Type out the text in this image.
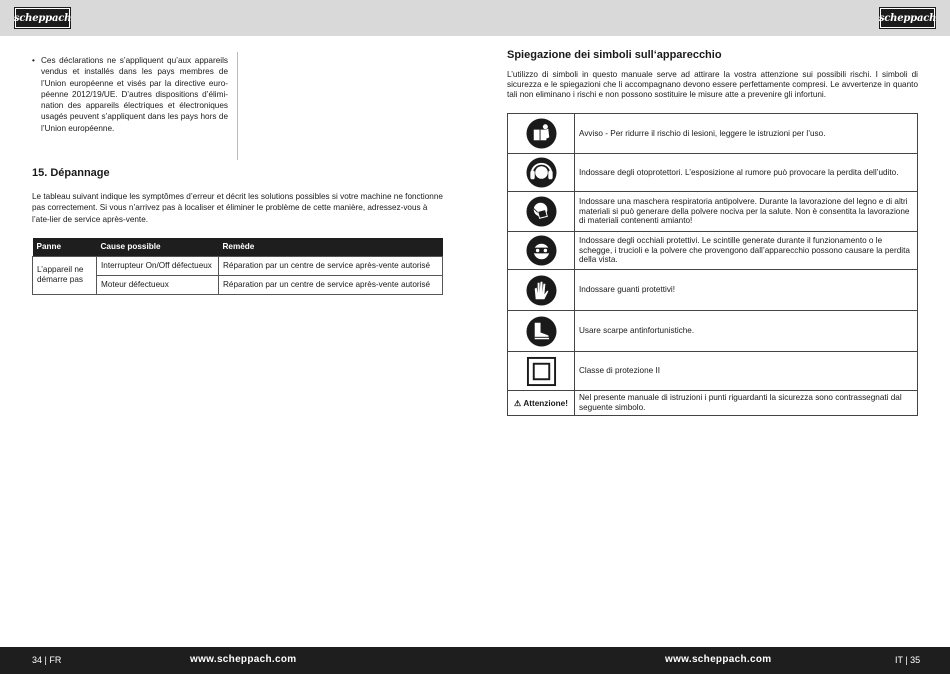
scheppach	scheppach
• Ces déclarations ne s’appliquent qu’aux appareils vendus et installés dans les pays membres de l’Union européenne et visés par la directive euro-péenne 2012/19/UE. D’autres dispositions d’élimi-nation des appareils électriques et électroniques usagés peuvent s’appliquent dans les pays hors de l’Union européenne.
15. Dépannage
Le tableau suivant indique les symptômes d’erreur et décrit les solutions possibles si votre machine ne fonctionne pas correctement. Si vous n’arrivez pas à localiser et éliminer le problème de cette manière, adressez-vous à l’ate-lier de service après-vente.
Panne	Cause possible	Remède
L’appareil ne démarre pas	Interrupteur On/Off défectueux	Réparation par un centre de service après-vente autorisé
	Moteur défectueux	Réparation par un centre de service après-vente autorisé
Spiegazione dei simboli sull‘apparecchio
L’utilizzo di simboli in questo manuale serve ad attirare la vostra attenzione sui possibili rischi. I simboli di sicurezza e le spiegazioni che li accompagnano devono essere perfettamente compresi. Le avvertenze in quanto tali non eliminano i rischi e non possono sostituire le misure atte a prevenire gli infortuni.
	Avviso - Per ridurre il rischio di lesioni, leggere le istruzioni per l’uso.
	Indossare degli otoprotettori. L’esposizione al rumore può provocare la perdita dell’udito.
	Indossare una maschera respiratoria antipolvere. Durante la lavorazione del legno e di altri materiali si può generare della polvere nociva per la salute. Non è consentita la lavorazione di materiali contenenti amianto!
	Indossare degli occhiali protettivi. Le scintille generate durante il funzionamento o le schegge, i trucioli e la polvere che provengono dall’apparecchio possono causare la perdita della vista.
	Indossare guanti protettivi!
	Usare scarpe antinfortunistiche.
	Classe di protezione II
⚠ Attenzione!	Nel presente manuale di istruzioni i punti riguardanti la sicurezza sono contrassegnati dal seguente simbolo.
34 | FR	www.scheppach.com	www.scheppach.com	IT | 35
